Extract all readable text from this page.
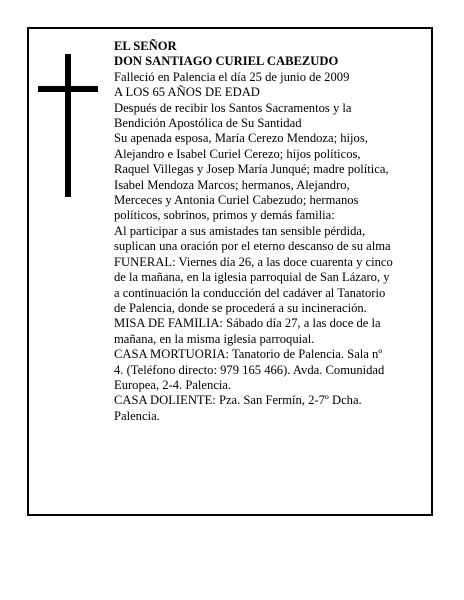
EL SEÑOR
DON SANTIAGO CURIEL CABEZUDO
Falleció en Palencia el día 25 de junio de 2009
A LOS 65 AÑOS DE EDAD
Después de recibir los Santos Sacramentos y la
Bendición Apostólica de Su Santidad
Su apenada esposa, María Cerezo Mendoza; hijos,
Alejandro e Isabel Curiel Cerezo; hijos políticos,
Raquel Villegas y Josep María Junqué; madre política,
Isabel Mendoza Marcos; hermanos, Alejandro,
Merceces y Antonia Curiel Cabezudo; hermanos
políticos, sobrinos, primos y demás familia:
Al participar a sus amistades tan sensible pérdida,
suplican una oración por el eterno descanso de su alma
FUNERAL: Viernes día 26, a las doce cuarenta y cinco
de la mañana, en la iglesia parroquial de San Lázaro, y
a continuación la conducción del cadáver al Tanatorio
de Palencia, donde se procederá a su incineración.
MISA DE FAMILIA: Sábado día 27, a las doce de la
mañana, en la misma iglesia parroquial.
CASA MORTUORIA: Tanatorio de Palencia. Sala nº
4. (Teléfono directo: 979 165 466). Avda. Comunidad
Europea, 2-4. Palencia.
CASA DOLIENTE: Pza. San Fermín, 2-7º Dcha.
Palencia.
